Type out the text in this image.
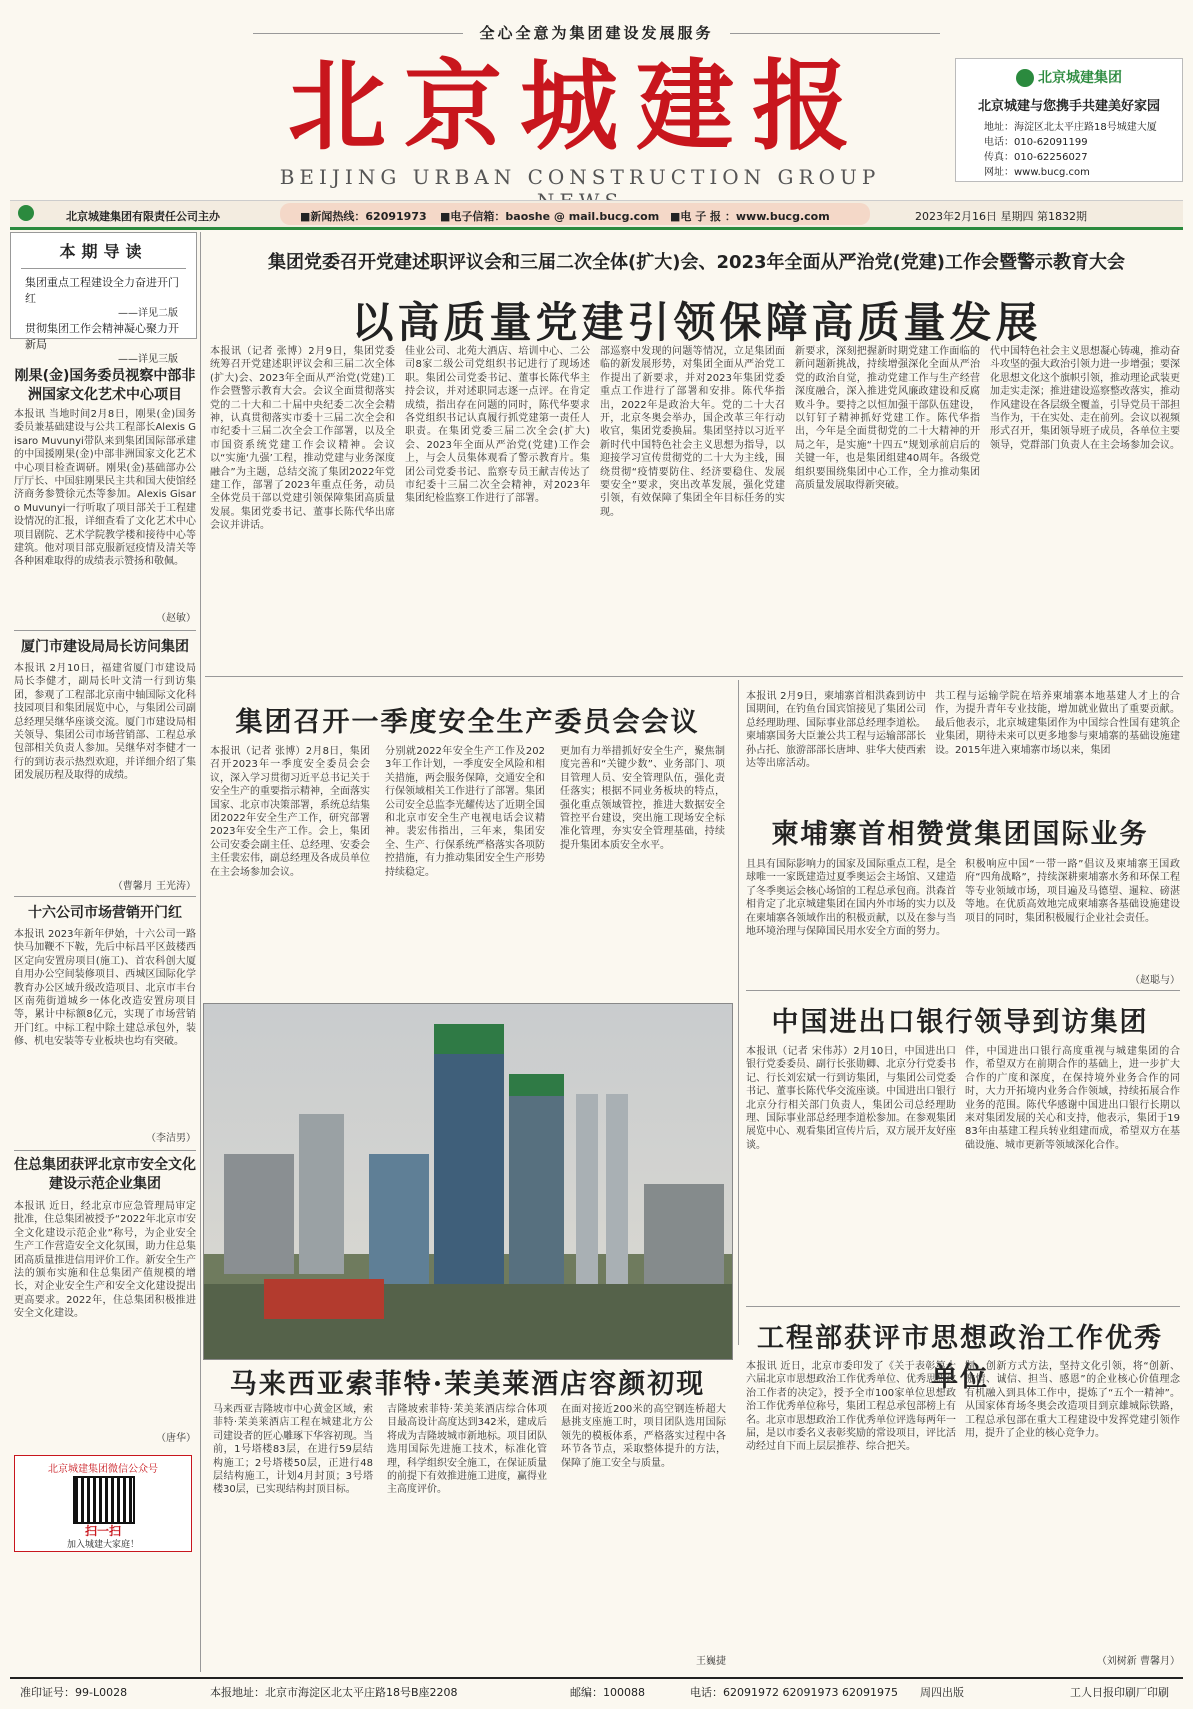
全心全意为集团建设发展服务
北京城建报
BEIJING URBAN CONSTRUCTION GROUP
北京城建集团
北京城建与您携手共建美好家园
地址：海淀区北太平庄路18号城建大厦
电话：010-62091199
传真：010-62256027
网址：www.bucg.com
北京城建集团有限责任公司主办	■新闻热线：62091973 ■电子信箱：baoshe @ mail.bucg.com ■电 子 报 ：www.bucg.com	2023年2月16日 星期四 第1832期
本期导读
集团重点工程建设全力奋进开门红
——详见二版
贯彻集团工作会精神凝心聚力开新局
——详见三版
集团党委召开党建述职评议会和三届二次全体(扩大)会、2023年全面从严治党(党建)工作会暨警示教育大会
以高质量党建引领保障高质量发展
本报讯（记者 张博）2月9日，集团党委统筹召开党建述职评议会和三届二次全体(扩大)会、2023年全面从严治党(党建)工作会暨警示教育大会。会议全面贯彻落实党的二十大和二十届中央纪委二次全会精神，认真贯彻落实市委十三届二次全会和市纪委十三届二次全会工作部署，以及全市国资系统党建工作会议精神。会议以“实施‘九强’工程，推动党建与业务深度融合”为主题，总结交流了集团2022年党建工作，部署了2023年重点任务，动员全体党员干部以党建引领保障集团高质量发展。集团党委书记、董事长陈代华出席会议并讲话。
佳业公司、北苑大酒店、培训中心、二公司8家二级公司党组织书记进行了现场述职。集团公司党委书记、董事长陈代华主持会议，并对述职同志逐一点评。在肯定成绩，指出存在问题的同时，陈代华要求各党组织书记认真履行抓党建第一责任人职责。在集团党委三届二次全会(扩大)会、2023年全面从严治党(党建)工作会上，与会人员集体观看了警示教育片。集团公司党委书记、监察专员王献吉传达了市纪委十三届二次全会精神，对2023年集团纪检监察工作进行了部署。
部巡察中发现的问题等情况，立足集团面临的新发展形势，对集团全面从严治党工作提出了新要求，并对2023年集团党委重点工作进行了部署和安排。陈代华指出，2022年是政治大年。党的二十大召开，北京冬奥会举办，国企改革三年行动收官，集团党委换届。集团坚持以习近平新时代中国特色社会主义思想为指导，以迎接学习宣传贯彻党的二十大为主线，围绕贯彻“疫情要防住、经济要稳住、发展要安全”要求，突出改革发展，强化党建引领，有效保障了集团全年目标任务的实现。
新要求，深刻把握新时期党建工作面临的新问题新挑战，持续增强深化全面从严治党的政治自觉，推动党建工作与生产经营深度融合，深入推进党风廉政建设和反腐败斗争。要持之以恒加强干部队伍建设，以钉钉子精神抓好党建工作。陈代华指出，今年是全面贯彻党的二十大精神的开局之年，是实施“十四五”规划承前启后的关键一年，也是集团组建40周年。各级党组织要围绕集团中心工作，全力推动集团高质量发展取得新突破。
代中国特色社会主义思想凝心铸魂，推动奋斗攻坚的强大政治引领力进一步增强；要深化思想文化这个旗帜引领，推动理论武装更加走实走深；推进建设巡察整改落实，推动作风建设在各层级全覆盖，引导党员干部担当作为，干在实处、走在前列。会议以视频形式召开，集团领导班子成员，各单位主要领导，党群部门负责人在主会场参加会议。
刚果(金)国务委员视察中部非洲国家文化艺术中心项目
本报讯 当地时间2月8日，刚果(金)国务委员兼基础建设与公共工程部长Alexis Gisaro Muvunyi带队来到集团国际部承建的中国援刚果(金)中部非洲国家文化艺术中心项目检查调研。刚果(金)基础部办公厅厅长、中国驻刚果民主共和国大使馆经济商务参赞徐元杰等参加。Alexis Gisaro Muvunyi一行听取了项目部关于工程建设情况的汇报，详细查看了文化艺术中心项目剧院、艺术学院教学楼和接待中心等建筑。他对项目部克服新冠疫情及清关等各种困难取得的成绩表示赞扬和敬佩。
（赵敏）
厦门市建设局局长访问集团
本报讯 2月10日，福建省厦门市建设局局长李健才，副局长叶文清一行到访集团，参观了工程部北京南中轴国际文化科技园项目和集团展览中心，与集团公司副总经理吴继华座谈交流。厦门市建设局相关领导、集团公司市场营销部、工程总承包部相关负责人参加。吴继华对李健才一行的到访表示热烈欢迎，并详细介绍了集团发展历程及取得的成绩。
（曹馨月 王光涛）
十六公司市场营销开门红
本报讯 2023年新年伊始，十六公司一路快马加鞭不下鞍，先后中标昌平区鼓楼西区定向安置房项目(施工)、首农科创大厦自用办公空间装修项目、西城区国际化学教育办公区域升级改造项目、北京市丰台区南苑街道城乡一体化改造安置房项目等，累计中标额8亿元，实现了市场营销开门红。中标工程中除土建总承包外，装修、机电安装等专业板块也均有突破。
（李洁男）
住总集团获评北京市安全文化建设示范企业集团
本报讯 近日，经北京市应急管理局审定批准，住总集团被授予“2022年北京市安全文化建设示范企业”称号，为企业安全生产工作营造安全文化氛围，助力住总集团高质量推进信用评价工作。新安全生产法的颁布实施和住总集团产值规模的增长，对企业安全生产和安全文化建设提出更高要求。2022年，住总集团积极推进安全文化建设。
（唐华）
北京城建集团微信公众号
扫一扫
加入城建大家庭！
集团召开一季度安全生产委员会会议
本报讯（记者 张博）2月8日，集团召开2023年一季度安全委员会会议，深入学习贯彻习近平总书记关于安全生产的重要指示精神，全面落实国家、北京市决策部署，系统总结集团2022年安全生产工作，研究部署2023年安全生产工作。会上，集团公司安委会副主任、总经理、安委会主任裴宏伟，副总经理及各成员单位在主会场参加会议。
分别就2022年安全生产工作及2023年工作计划，一季度安全风险和相关措施，两会服务保障，交通安全和行保领域相关工作进行了部署。集团公司安全总监李光耀传达了近期全国和北京市安全生产电视电话会议精神。裴宏伟指出，三年来，集团安全、生产、行保系统严格落实各项防控措施，有力推动集团安全生产形势持续稳定。
更加有力举措抓好安全生产，聚焦制度完善和“关键少数”、业务部门、项目管理人员、安全管理队伍，强化责任落实；根据不同业务板块的特点，强化重点领域管控，推进大数据安全管控平台建设，突出施工现场安全标准化管理，夯实安全管理基础，持续提升集团本质安全水平。
马来西亚索菲特·茉美莱酒店容颜初现
马来西亚吉隆坡市中心黄金区域，索菲特·茉美莱酒店工程在城建北方公司建设者的匠心雕琢下华容初现。当前，1号塔楼83层，在进行59层结构施工；2号塔楼50层，正进行48层结构施工，计划4月封顶；3号塔楼30层，已实现结构封顶目标。
吉隆坡索菲特·茉美莱酒店综合体项目最高设计高度达到342米，建成后将成为吉隆坡城市新地标。项目团队选用国际先进施工技术，标准化管理，科学组织安全施工，在保证质量的前提下有效推进施工进度，赢得业主高度评价。
在面对接近200米的高空钢连桥超大悬挑支座施工时，项目团队选用国际领先的模板体系，严格落实过程中各环节各节点，采取整体提升的方法，保障了施工安全与质量。
王巍捷
本报讯 2月9日，柬埔寨首相洪森到访中国期间，在钓鱼台国宾馆接见了集团公司总经理助理、国际事业部总经理李道松。柬埔寨国务大臣兼公共工程与运输部部长孙占托、旅游部部长唐坤、驻华大使西索达等出席活动。
共工程与运输学院在培养柬埔寨本地基建人才上的合作，为提升青年专业技能，增加就业做出了重要贡献。最后他表示，北京城建集团作为中国综合性国有建筑企业集团，期待未来可以更多地参与柬埔寨的基础设施建设。2015年进入柬埔寨市场以来，集团
柬埔寨首相赞赏集团国际业务
且具有国际影响力的国家及国际重点工程，是全球唯一一家既建造过夏季奥运会主场馆、又建造了冬季奥运会核心场馆的工程总承包商。洪森首相肯定了北京城建集团在国内外市场的实力以及在柬埔寨各领域作出的积极贡献，以及在参与当地环境治理与保障国民用水安全方面的努力。
积极响应中国“一带一路”倡议及柬埔寨王国政府“四角战略”，持续深耕柬埔寨水务和环保工程等专业领域市场，项目遍及马德望、暹粒、磅湛等地。在优质高效地完成柬埔寨各基础设施建设项目的同时，集团积极履行企业社会责任。
（赵聪与）
中国进出口银行领导到访集团
本报讯（记者 宋伟苏）2月10日，中国进出口银行党委委员、副行长张勋卿、北京分行党委书记、行长刘宏斌一行到访集团，与集团公司党委书记、董事长陈代华交流座谈。中国进出口银行北京分行相关部门负责人，集团公司总经理助理、国际事业部总经理李道松参加。在参观集团展览中心、观看集团宣传片后，双方展开友好座谈。
伴，中国进出口银行高度重视与城建集团的合作，希望双方在前期合作的基础上，进一步扩大合作的广度和深度，在保持境外业务合作的同时，大力开拓境内业务合作领域，持续拓展合作业务的范围。陈代华感谢中国进出口银行长期以来对集团发展的关心和支持，他表示，集团于1983年由基建工程兵转业组建而成，希望双方在基础设施、城市更新等领域深化合作。
工程部获评市思想政治工作优秀单位
本报讯 近日，北京市委印发了《关于表彰第十六届北京市思想政治工作优秀单位、优秀思想政治工作者的决定》，授予全市100家单位思想政治工作优秀单位称号，集团工程总承包部榜上有名。北京市思想政治工作优秀单位评选每两年一届，是以市委名义表彰奖励的常设项目，评比活动经过自下而上层层推荐、综合把关。
制、创新方式方法，坚持文化引领，将“创新、激情、诚信、担当、感恩”的企业核心价值理念有机融入到具体工作中，提炼了“五个一精神”。从国家体育场冬奥会改造项目到京雄城际铁路，工程总承包部在重大工程建设中发挥党建引领作用，提升了企业的核心竞争力。
（刘树新 曹馨月）
准印证号：99-L0028	本报地址：北京市海淀区北太平庄路18号B座2208	邮编：100088	电话：62091972 62091973 62091975 周四出版	工人日报印刷厂印刷
